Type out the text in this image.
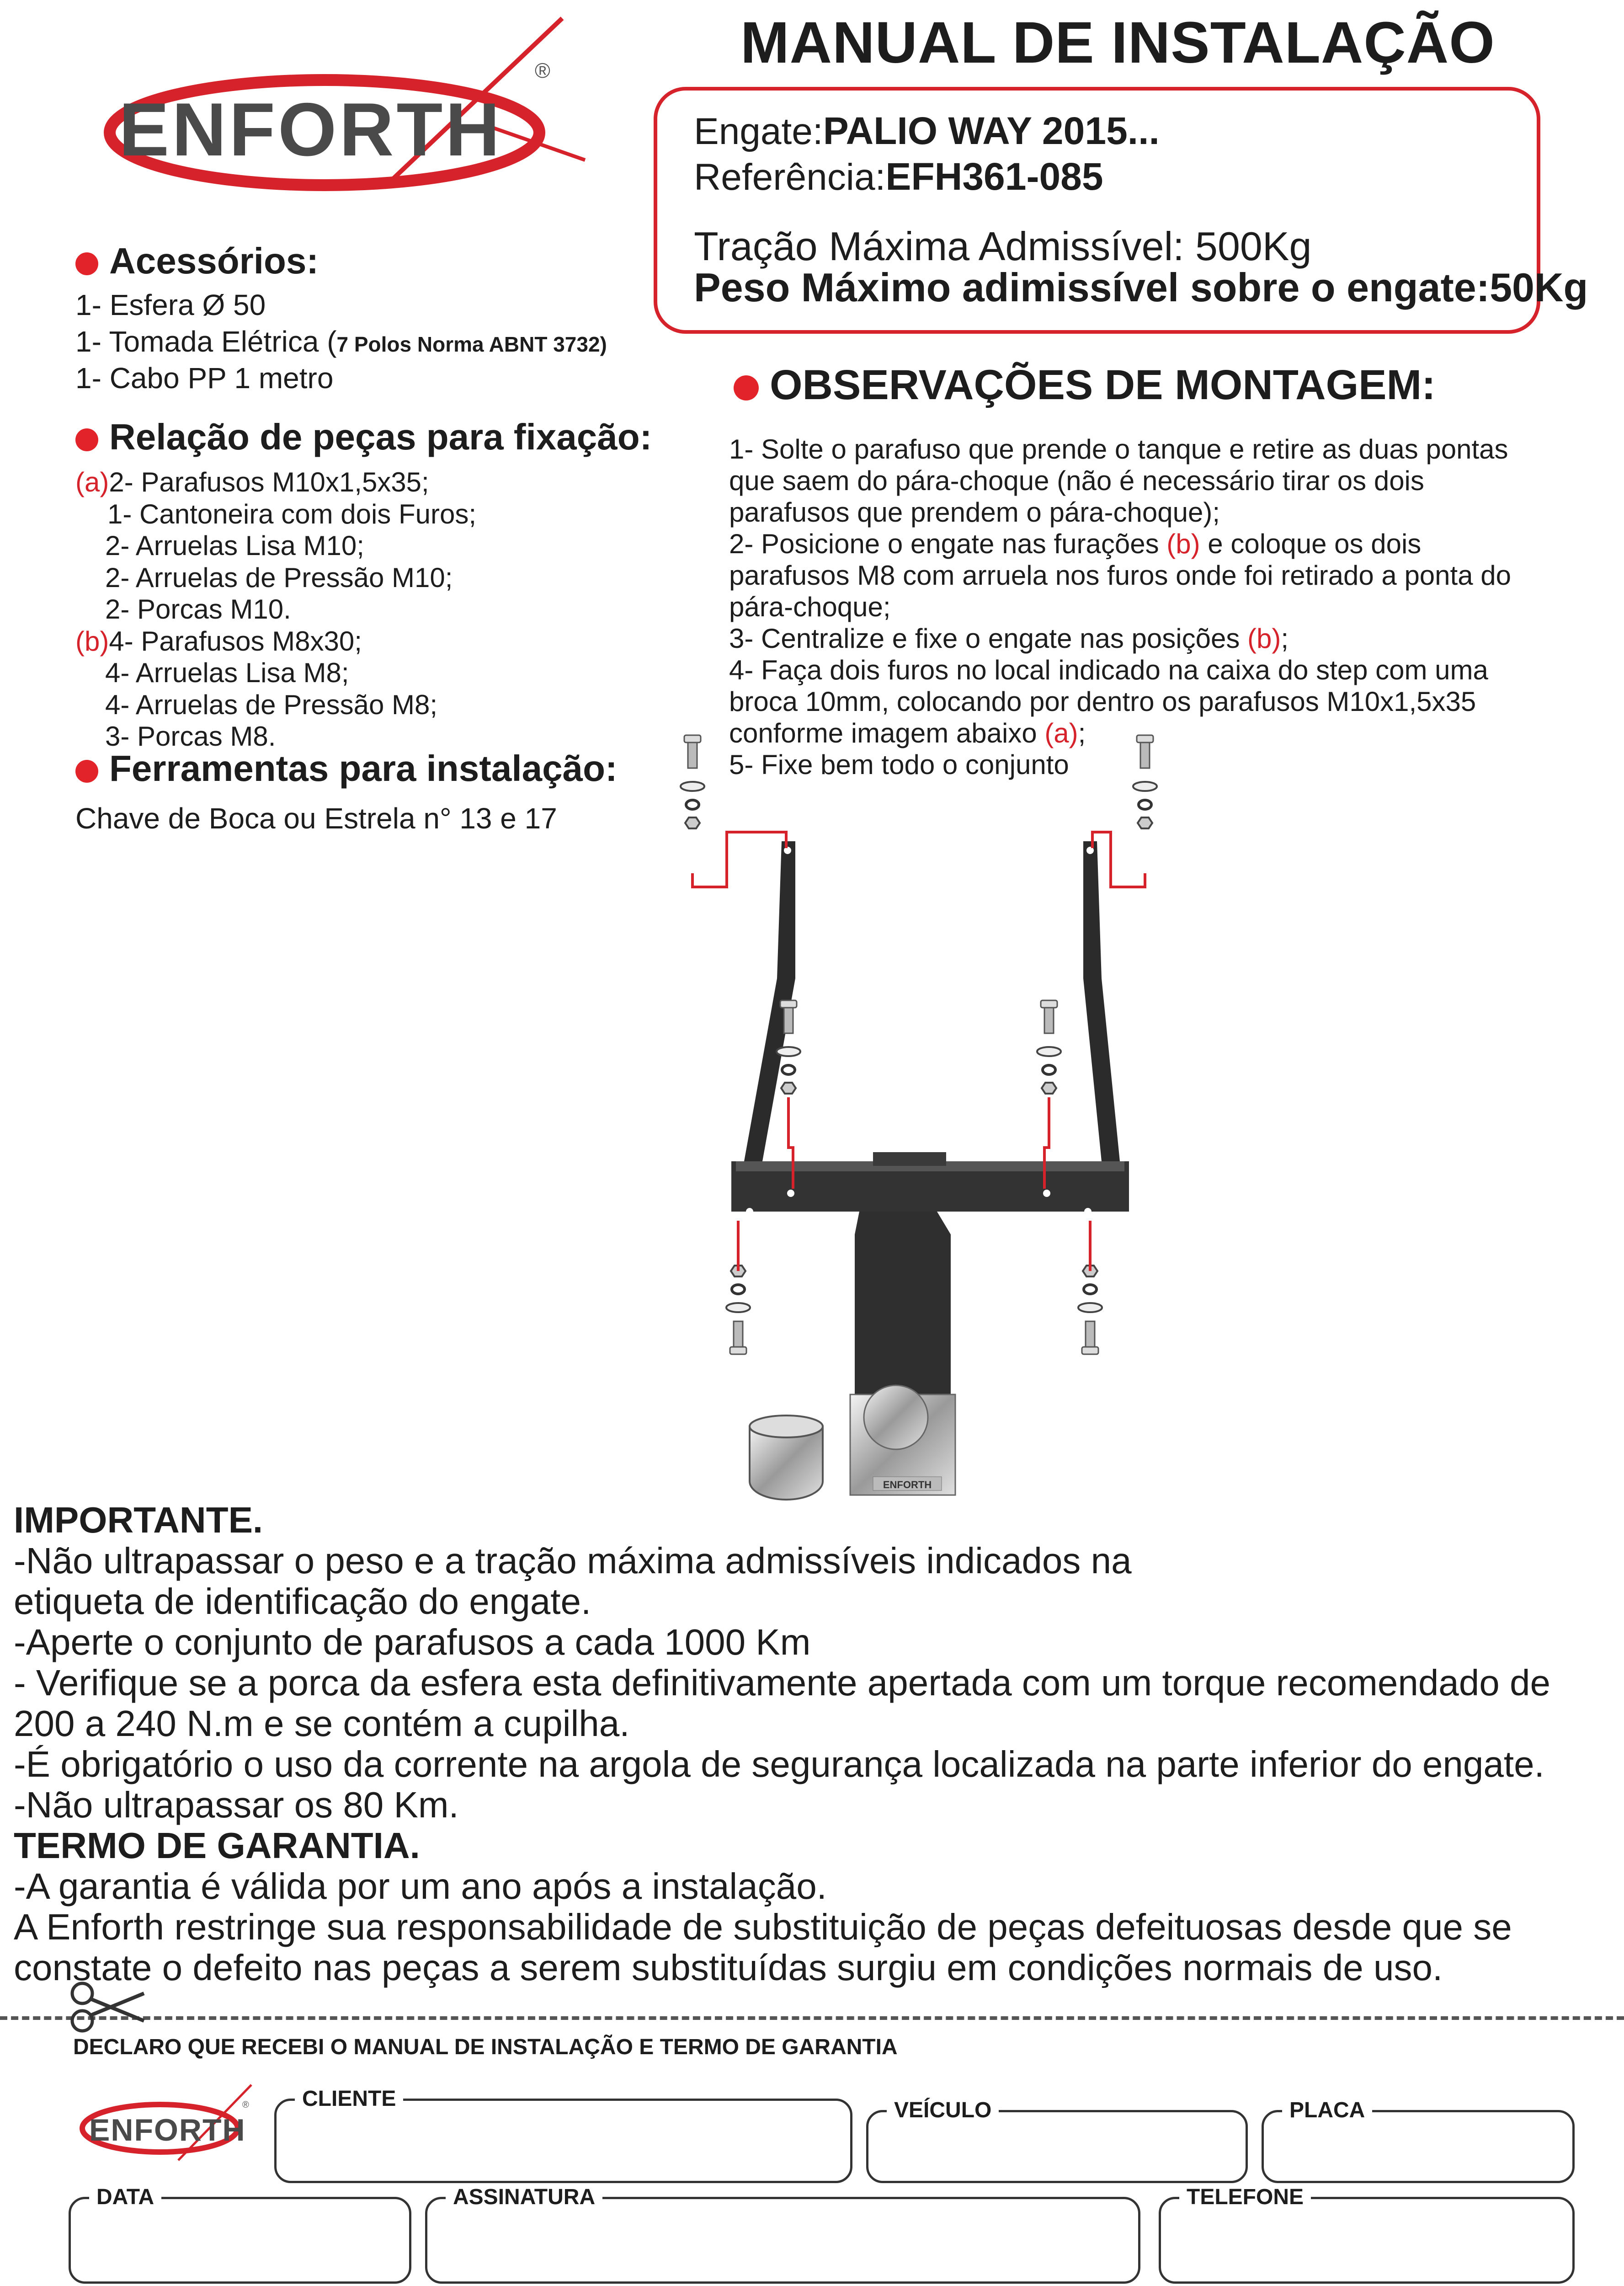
ENFORTH
®	MANUAL DE INSTALAÇÃO
Engate:PALIO WAY 2015...
Referência:EFH361-085
Tração Máxima Admissível: 500Kg
Peso Máximo adimissível sobre o engate:50Kg
Acessórios:
1- Esfera Ø 50
1- Tomada Elétrica (7 Polos Norma ABNT 3732)
1- Cabo PP 1 metro
Relação de peças para fixação:
(a)2- Parafusos M10x1,5x35;
1- Cantoneira com dois Furos;
2- Arruelas Lisa M10;
2- Arruelas de Pressão M10;
2- Porcas M10.
(b)4- Parafusos M8x30;
4- Arruelas Lisa M8;
4- Arruelas de Pressão M8;
3- Porcas M8.
Ferramentas para instalação:
Chave de Boca ou Estrela n° 13 e 17
OBSERVAÇÕES DE MONTAGEM:
1- Solte o parafuso que prende o tanque e retire as duas pontas
que saem do pára-choque (não é necessário tirar os dois
parafusos que prendem o pára-choque);
2- Posicione o engate nas furações (b) e coloque os dois
parafusos M8 com arruela nos furos onde foi retirado a ponta do
pára-choque;
3- Centralize e fixe o engate nas posições (b);
4- Faça dois furos no local indicado na caixa do step com uma
broca 10mm, colocando por dentro os parafusos M10x1,5x35
conforme imagem abaixo (a);
5- Fixe bem todo o conjunto
ENFORTH
IMPORTANTE.
-Não ultrapassar o peso e a tração máxima admissíveis indicados na
etiqueta de identificação do engate.
-Aperte o conjunto de parafusos a cada 1000 Km
- Verifique se a porca da esfera esta definitivamente apertada com um torque recomendado de
200 a 240 N.m e se contém a cupilha.
-É obrigatório o uso da corrente na argola de segurança localizada na parte inferior do engate.
-Não ultrapassar os 80 Km.
TERMO DE GARANTIA.
-A garantia é válida por um ano após a instalação.
A Enforth restringe sua responsabilidade de substituição de peças defeituosas desde que se
constate o defeito nas peças a serem substituídas surgiu em condições normais de uso.
DECLARO QUE RECEBI O MANUAL DE INSTALAÇÃO E TERMO DE GARANTIA
ENFORTH
®	CLIENTE	VEÍCULO	PLACA
DATA	ASSINATURA	TELEFONE
